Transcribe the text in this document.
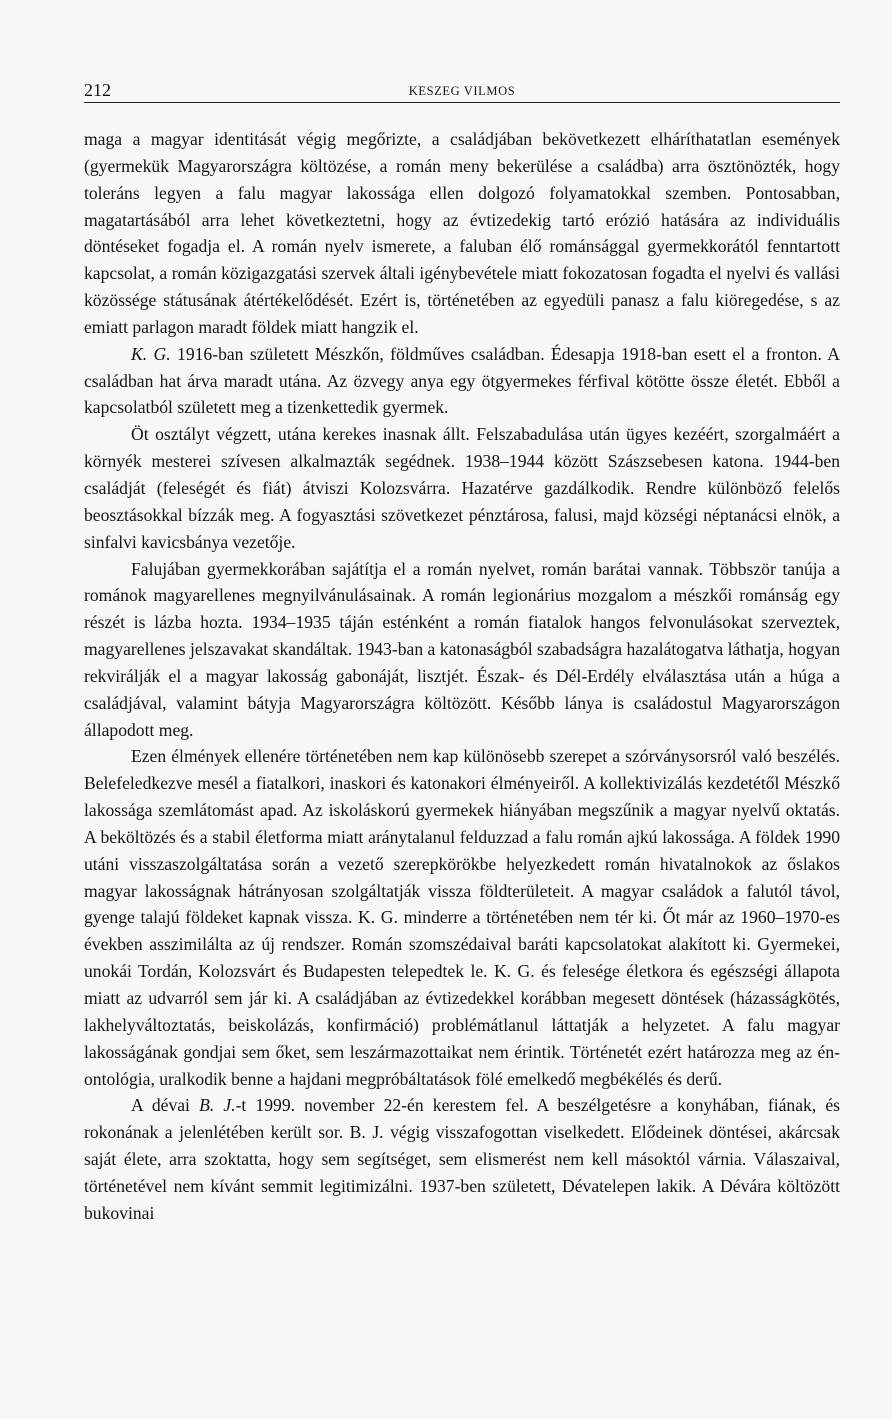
212	KESZEG VILMOS

maga a magyar identitását végig megőrizte, a családjában bekövetkezett elháríthatatlan események (gyermekük Magyarországra költözése, a román meny bekerülése a családba) arra ösztönözték, hogy toleráns legyen a falu magyar lakossága ellen dolgozó folyamatokkal szemben. Pontosabban, magatartásából arra lehet következtetni, hogy az évtizedekig tartó erózió hatására az individuális döntéseket fogadja el. A román nyelv ismerete, a faluban élő románsággal gyermekkorától fenntartott kapcsolat, a román közigazgatási szervek általi igénybevétele miatt fokozatosan fogadta el nyelvi és vallási közössége státusának átértékelődését. Ezért is, történetében az egyedüli panasz a falu kiöregedése, s az emiatt parlagon maradt földek miatt hangzik el.

K. G. 1916-ban született Mészkőn, földműves családban. Édesapja 1918-ban esett el a fronton. A családban hat árva maradt utána. Az özvegy anya egy ötgyermekes férfival kötötte össze életét. Ebből a kapcsolatból született meg a tizenkettedik gyermek.

Öt osztályt végzett, utána kerekes inasnak állt. Felszabadulása után ügyes kezéért, szorgalmáért a környék mesterei szívesen alkalmazták segédnek. 1938–1944 között Szászsebesen katona. 1944-ben családját (feleségét és fiát) átviszi Kolozsvárra. Hazatérve gazdálkodik. Rendre különböző felelős beosztásokkal bízzák meg. A fogyasztási szövetkezet pénztárosa, falusi, majd községi néptanácsi elnök, a sinfalvi kavicsbánya vezetője.

Falujában gyermekkorában sajátítja el a román nyelvet, román barátai vannak. Többször tanúja a románok magyarellenes megnyilvánulásainak. A román legionárius mozgalom a mészkői románság egy részét is lázba hozta. 1934–1935 táján esténként a román fiatalok hangos felvonulásokat szerveztek, magyarellenes jelszavakat skandáltak. 1943-ban a katonaságból szabadságra hazalátogatva láthatja, hogyan rekvirálják el a magyar lakosság gabonáját, lisztjét. Észak- és Dél-Erdély elválasztása után a húga a családjával, valamint bátyja Magyarországra költözött. Később lánya is családostul Magyarországon állapodott meg.

Ezen élmények ellenére történetében nem kap különösebb szerepet a szórványsorsról való beszélés. Belefeledkezve mesél a fiatalkori, inaskori és katonakori élményeiről. A kollektivizálás kezdetétől Mészkő lakossága szemlátomást apad. Az iskoláskorú gyermekek hiányában megszűnik a magyar nyelvű oktatás. A beköltözés és a stabil életforma miatt aránytalanul felduzzad a falu román ajkú lakossága. A földek 1990 utáni visszaszolgáltatása során a vezető szerepkörökbe helyezkedett román hivatalnokok az őslakos magyar lakosságnak hátrányosan szolgáltatják vissza földterületeit. A magyar családok a falutól távol, gyenge talajú földeket kapnak vissza. K. G. minderre a történetében nem tér ki. Őt már az 1960–1970-es években asszimilálta az új rendszer. Román szomszédaival baráti kapcsolatokat alakított ki. Gyermekei, unokái Tordán, Kolozsvárt és Budapesten telepedtek le. K. G. és felesége életkora és egészségi állapota miatt az udvarról sem jár ki. A családjában az évtizedekkel korábban megesett döntések (házasságkötés, lakhelyváltoztatás, beiskolázás, konfirmáció) problémátlanul láttatják a helyzetet. A falu magyar lakosságának gondjai sem őket, sem leszármazottaikat nem érintik. Történetét ezért határozza meg az én-ontológia, uralkodik benne a hajdani megpróbáltatások fölé emelkedő megbékélés és derű.

A dévai B. J.-t 1999. november 22-én kerestem fel. A beszélgetésre a konyhában, fiának, és rokonának a jelenlétében került sor. B. J. végig visszafogottan viselkedett. Elődeinek döntései, akárcsak saját élete, arra szoktatta, hogy sem segítséget, sem elismerést nem kell másoktól várnia. Válaszaival, történetével nem kívánt semmit legitimizálni. 1937-ben született, Dévatelepen lakik. A Dévára költözött bukovinai
